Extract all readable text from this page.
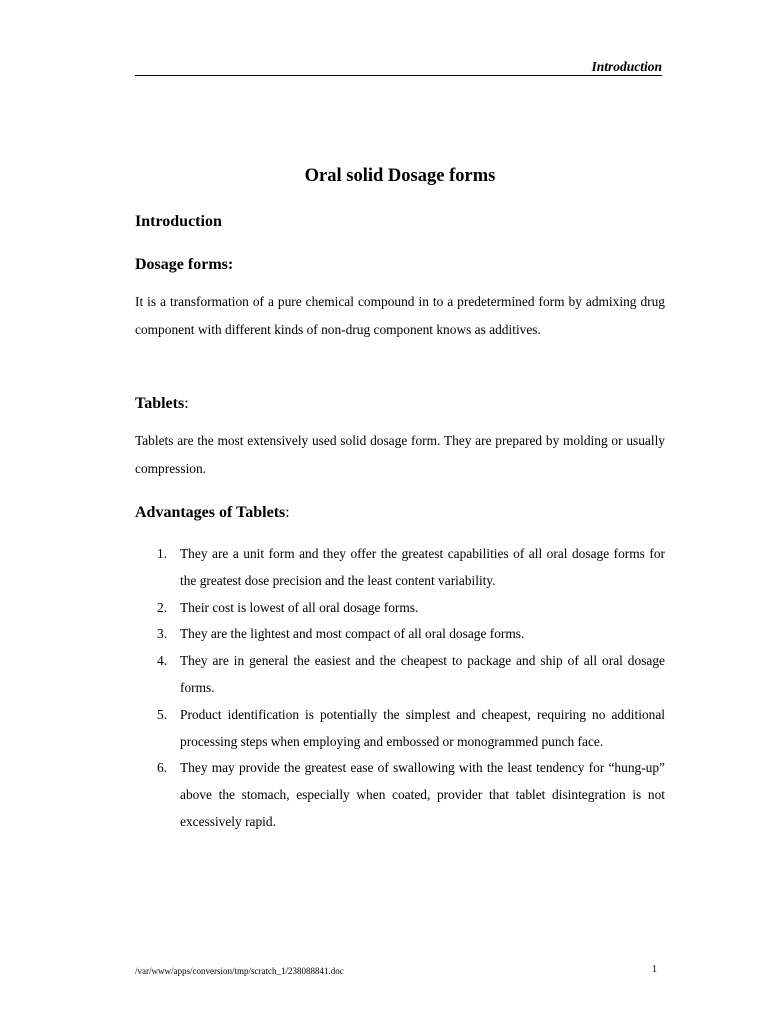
Introduction
Oral solid Dosage forms
Introduction
Dosage forms:
It is a transformation of a pure chemical compound in to a predetermined form by admixing drug component with different kinds of non-drug component knows as additives.
Tablets:
Tablets are the most extensively used solid dosage form. They are prepared by molding or usually compression.
Advantages of Tablets:
1. They are a unit form and they offer the greatest capabilities of all oral dosage forms for the greatest dose precision and the least content variability.
2. Their cost is lowest of all oral dosage forms.
3. They are the lightest and most compact of all oral dosage forms.
4. They are in general the easiest and the cheapest to package and ship of all oral dosage forms.
5. Product identification is potentially the simplest and cheapest, requiring no additional processing steps when employing and embossed or monogrammed punch face.
6. They may provide the greatest ease of swallowing with the least tendency for “hung-up” above the stomach, especially when coated, provider that tablet disintegration is not excessively rapid.
/var/www/apps/conversion/tmp/scratch_1/238088841.doc	1
